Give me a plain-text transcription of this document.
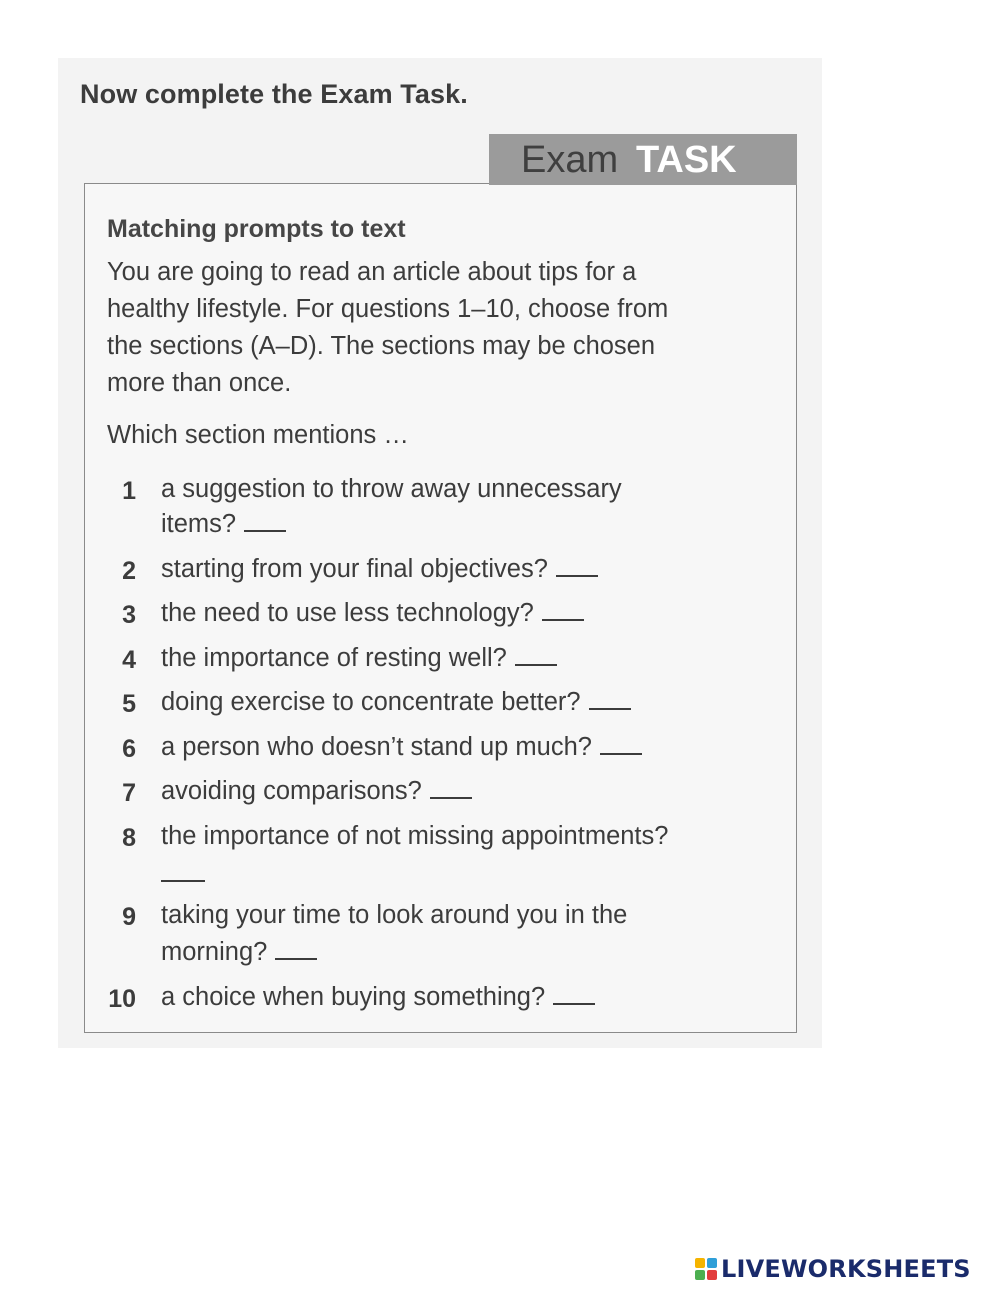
Now complete the Exam Task.
Exam TASK
Matching prompts to text
You are going to read an article about tips for a
healthy lifestyle. For questions 1–10, choose from
the sections (A–D). The sections may be chosen
more than once.
Which section mentions …
1 a suggestion to throw away unnecessary
items?
2 starting from your final objectives?
3 the need to use less technology?
4 the importance of resting well?
5 doing exercise to concentrate better?
6 a person who doesn’t stand up much?
7 avoiding comparisons?
8 the importance of not missing appointments?
9 taking your time to look around you in the
morning?
10 a choice when buying something?
LIVEWORKSHEETS
